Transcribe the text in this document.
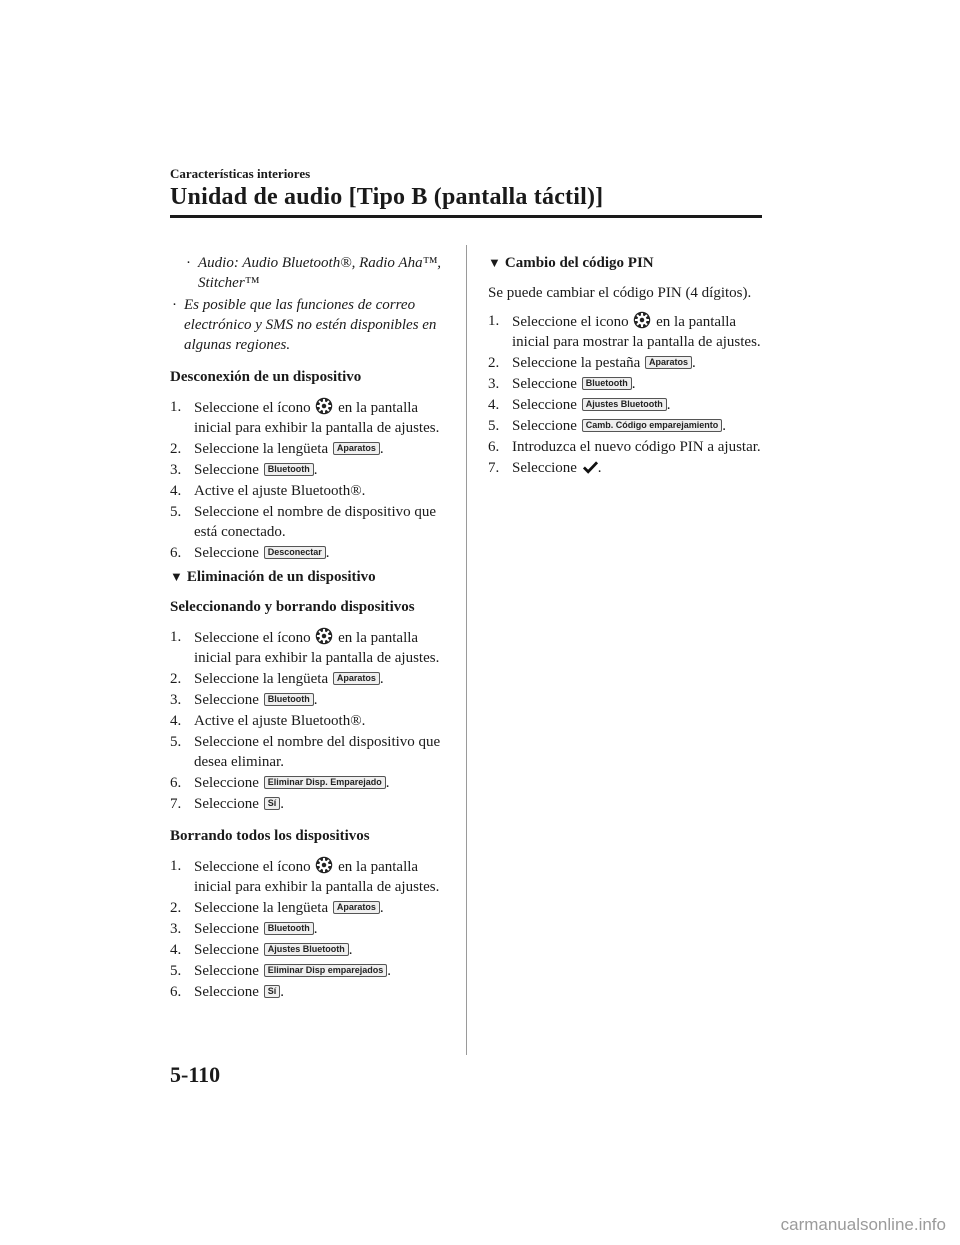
Características interiores
Unidad de audio [Tipo B (pantalla táctil)]
· Audio: Audio Bluetooth®, Radio Aha™, Stitcher™
· Es posible que las funciones de correo electrónico y SMS no estén disponibles en algunas regiones.
Desconexión de un dispositivo
1. Seleccione el ícono  en la pantalla inicial para exhibir la pantalla de ajustes.
2. Seleccione la lengüeta Aparatos .
3. Seleccione Bluetooth .
4. Active el ajuste Bluetooth®.
5. Seleccione el nombre de dispositivo que está conectado.
6. Seleccione Desconectar .
▼ Eliminación de un dispositivo
Seleccionando y borrando dispositivos
1. Seleccione el ícono  en la pantalla inicial para exhibir la pantalla de ajustes.
2. Seleccione la lengüeta Aparatos .
3. Seleccione Bluetooth .
4. Active el ajuste Bluetooth®.
5. Seleccione el nombre del dispositivo que desea eliminar.
6. Seleccione Eliminar Disp. Emparejado .
7. Seleccione Sí .
Borrando todos los dispositivos
1. Seleccione el ícono  en la pantalla inicial para exhibir la pantalla de ajustes.
2. Seleccione la lengüeta Aparatos .
3. Seleccione Bluetooth .
4. Seleccione Ajustes Bluetooth .
5. Seleccione Eliminar Disp emparejados .
6. Seleccione Sí .
▼ Cambio del código PIN
Se puede cambiar el código PIN (4 dígitos).
1. Seleccione el icono  en la pantalla inicial para mostrar la pantalla de ajustes.
2. Seleccione la pestaña Aparatos .
3. Seleccione Bluetooth .
4. Seleccione Ajustes Bluetooth .
5. Seleccione Camb. Código emparejamiento .
6. Introduzca el nuevo código PIN a ajustar.
7. Seleccione .
5-110
carmanualsonline.info
